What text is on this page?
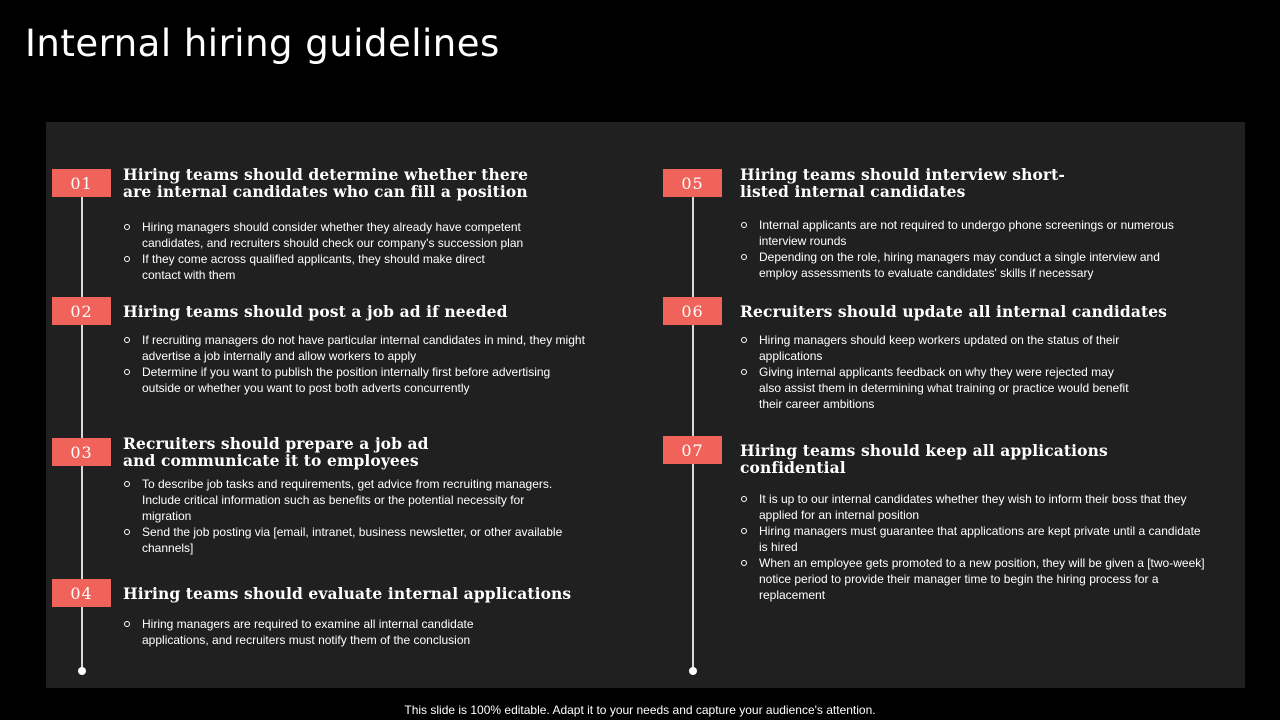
Internal hiring guidelines
01	Hiring teams should determine whether there are internal candidates who can fill a position
Hiring managers should consider whether they already have competent candidates, and recruiters should check our company's succession plan
If they come across qualified applicants, they should make direct contact with them
02	Hiring teams should post a job ad if needed
If recruiting managers do not have particular internal candidates in mind, they might advertise a job internally and allow workers to apply
Determine if you want to publish the position internally first before advertising outside or whether you want to post both adverts concurrently
03	Recruiters should prepare a job ad and communicate it to employees
To describe job tasks and requirements, get advice from recruiting managers. Include critical information such as benefits or the potential necessity for migration
Send the job posting via [email, intranet, business newsletter, or other available channels]
04	Hiring teams should evaluate internal applications
Hiring managers are required to examine all internal candidate applications, and recruiters must notify them of the conclusion
05	Hiring teams should interview short-listed internal candidates
Internal applicants are not required to undergo phone screenings or numerous interview rounds
Depending on the role, hiring managers may conduct a single interview and employ assessments to evaluate candidates' skills if necessary
06	Recruiters should update all internal candidates
Hiring managers should keep workers updated on the status of their applications
Giving internal applicants feedback on why they were rejected may also assist them in determining what training or practice would benefit their career ambitions
07	Hiring teams should keep all applications confidential
It is up to our internal candidates whether they wish to inform their boss that they applied for an internal position
Hiring managers must guarantee that applications are kept private until a candidate is hired
When an employee gets promoted to a new position, they will be given a [two-week] notice period to provide their manager time to begin the hiring process for a replacement
This slide is 100% editable. Adapt it to your needs and capture your audience's attention.
